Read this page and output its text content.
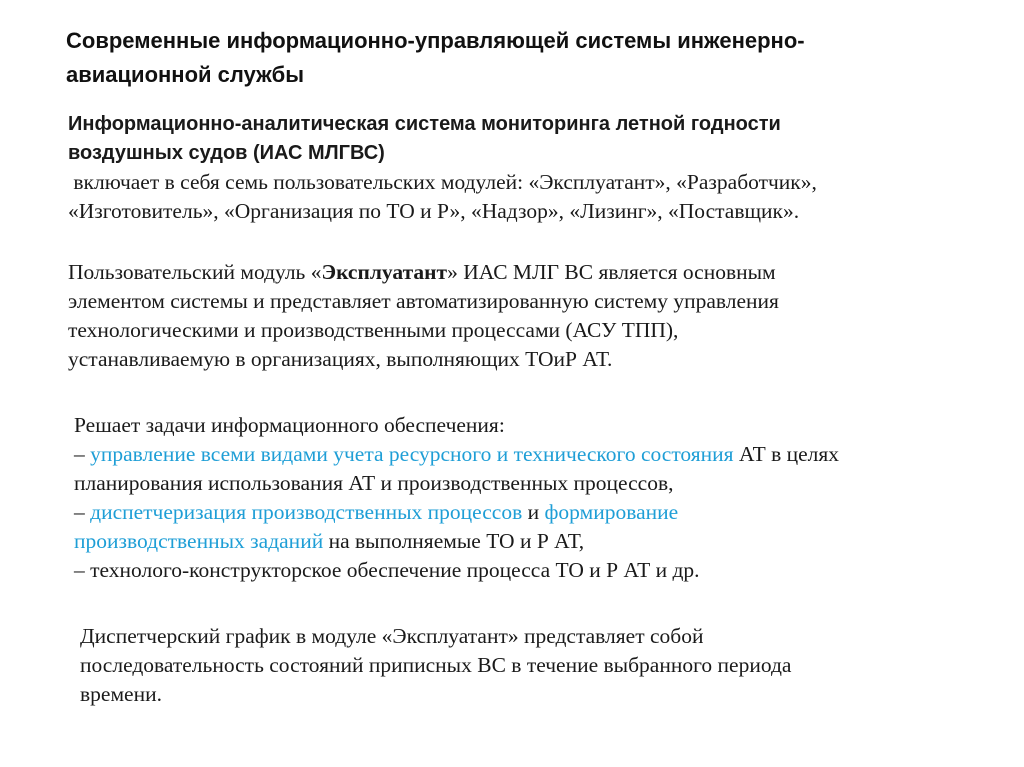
Современные информационно-управляющей системы инженерно-
авиационной службы
Информационно-аналитическая система мониторинга летной годности
воздушных судов (ИАС МЛГВС)
включает в себя семь пользовательских модулей: «Эксплуатант», «Разработчик»,
«Изготовитель», «Организация по ТО и Р», «Надзор», «Лизинг», «Поставщик».
Пользовательский модуль «Эксплуатант» ИАС МЛГ ВС является основным
элементом системы и представляет автоматизированную систему управления
технологическими и производственными процессами (АСУ ТПП),
устанавливаемую в организациях, выполняющих ТОиР АТ.
Решает задачи информационного обеспечения:
– управление всеми видами учета ресурсного и технического состояния АТ в целях
планирования использования АТ и производственных процессов,
– диспетчеризация производственных процессов и формирование
производственных заданий на выполняемые ТО и Р АТ,
– технолого-конструкторское обеспечение процесса ТО и Р АТ и др.
Диспетчерский график в модуле «Эксплуатант» представляет собой
последовательность состояний приписных ВС в течение выбранного периода
времени.
